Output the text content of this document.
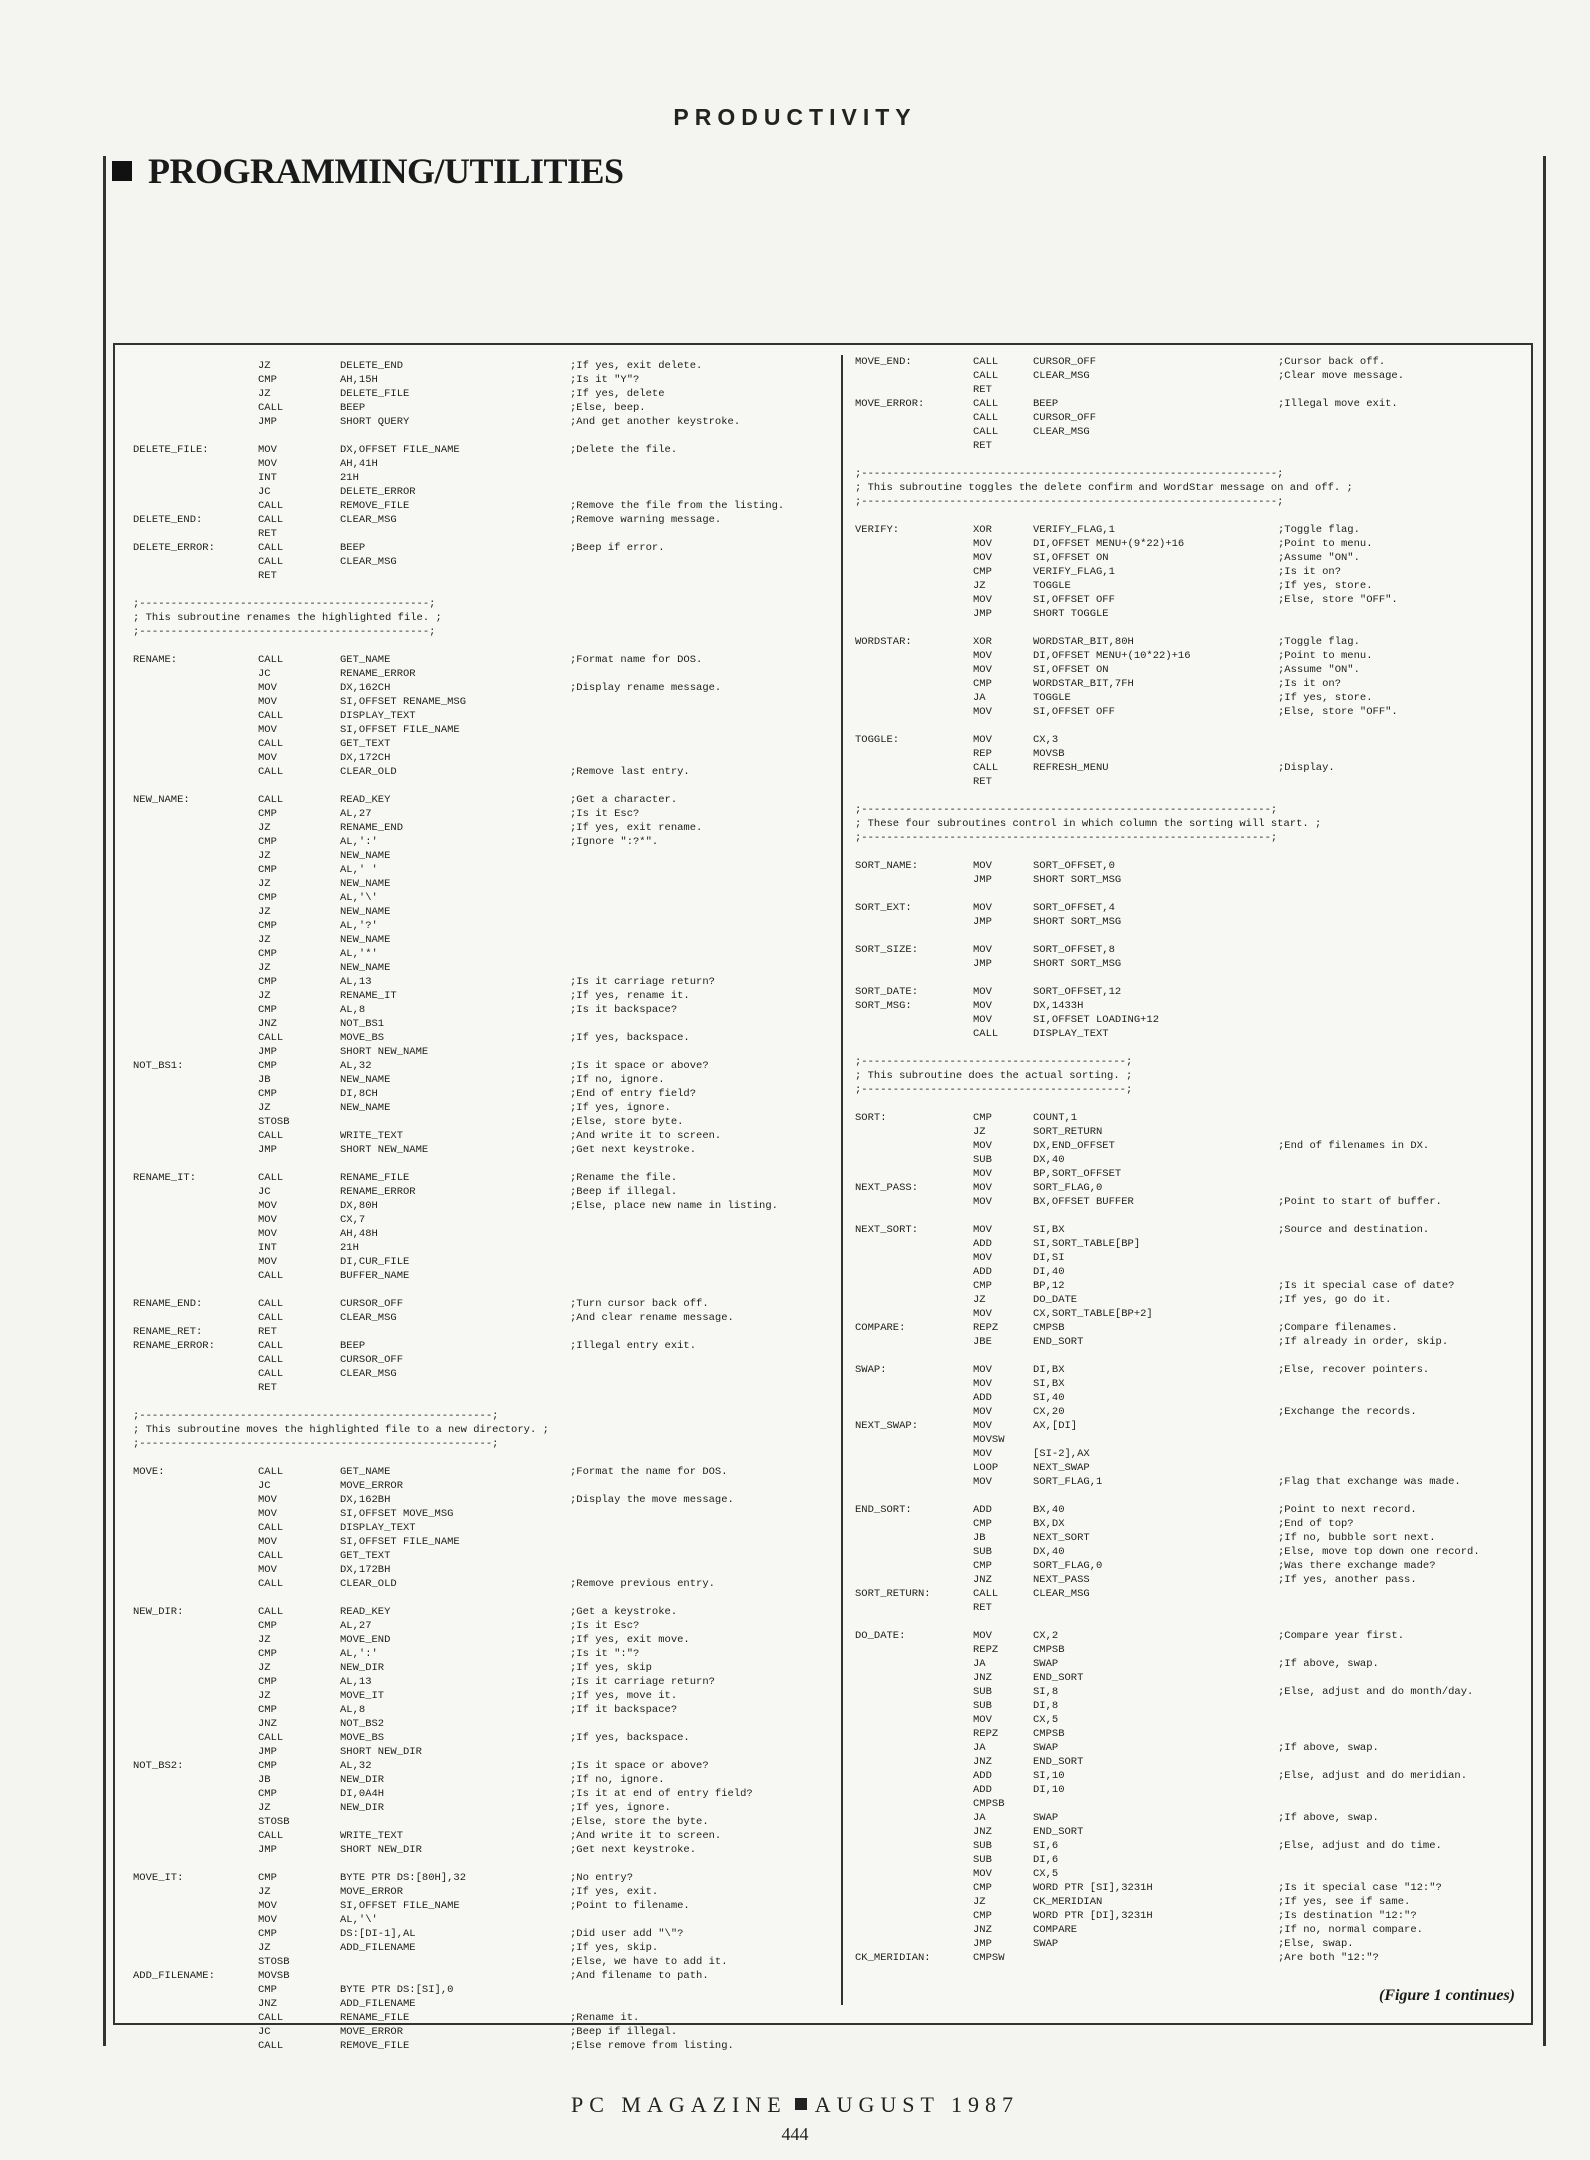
PRODUCTIVITY
PROGRAMMING/UTILITIES
JZ	DELETE_END	;If yes, exit delete.
CMP	AH,15H	;Is it "Y"?
JZ	DELETE_FILE	;If yes, delete
CALL	BEEP	;Else, beep.
JMP	SHORT QUERY	;And get another keystroke.
DELETE_FILE:	MOV	DX,OFFSET FILE_NAME	;Delete the file.
MOV	AH,41H
INT	21H
JC	DELETE_ERROR
CALL	REMOVE_FILE	;Remove the file from the listing.
DELETE_END:	CALL	CLEAR_MSG	;Remove warning message.
RET
DELETE_ERROR:	CALL	BEEP	;Beep if error.
CALL	CLEAR_MSG
RET
;----------------------------------------------;
; This subroutine renames the highlighted file. ;
;----------------------------------------------;
RENAME:	CALL	GET_NAME	;Format name for DOS.
JC	RENAME_ERROR
MOV	DX,162CH	;Display rename message.
MOV	SI,OFFSET RENAME_MSG
CALL	DISPLAY_TEXT
MOV	SI,OFFSET FILE_NAME
CALL	GET_TEXT
MOV	DX,172CH
CALL	CLEAR_OLD	;Remove last entry.
NEW_NAME:	CALL	READ_KEY	;Get a character.
CMP	AL,27	;Is it Esc?
JZ	RENAME_END	;If yes, exit rename.
CMP	AL,':'	;Ignore ":?*".
JZ	NEW_NAME
CMP	AL,' '
JZ	NEW_NAME
CMP	AL,'\'
JZ	NEW_NAME
CMP	AL,'?'
JZ	NEW_NAME
CMP	AL,'*'
JZ	NEW_NAME
CMP	AL,13	;Is it carriage return?
JZ	RENAME_IT	;If yes, rename it.
CMP	AL,8	;Is it backspace?
JNZ	NOT_BS1
CALL	MOVE_BS	;If yes, backspace.
JMP	SHORT NEW_NAME
NOT_BS1:	CMP	AL,32	;Is it space or above?
JB	NEW_NAME	;If no, ignore.
CMP	DI,8CH	;End of entry field?
JZ	NEW_NAME	;If yes, ignore.
STOSB	;Else, store byte.
CALL	WRITE_TEXT	;And write it to screen.
JMP	SHORT NEW_NAME	;Get next keystroke.
RENAME_IT:	CALL	RENAME_FILE	;Rename the file.
JC	RENAME_ERROR	;Beep if illegal.
MOV	DX,80H	;Else, place new name in listing.
MOV	CX,7
MOV	AH,48H
INT	21H
MOV	DI,CUR_FILE
CALL	BUFFER_NAME
RENAME_END:	CALL	CURSOR_OFF	;Turn cursor back off.
CALL	CLEAR_MSG	;And clear rename message.
RENAME_RET:	RET
RENAME_ERROR:	CALL	BEEP	;Illegal entry exit.
CALL	CURSOR_OFF
CALL	CLEAR_MSG
RET
;--------------------------------------------------------;
; This subroutine moves the highlighted file to a new directory. ;
;--------------------------------------------------------;
MOVE:	CALL	GET_NAME	;Format the name for DOS.
JC	MOVE_ERROR
MOV	DX,162BH	;Display the move message.
MOV	SI,OFFSET MOVE_MSG
CALL	DISPLAY_TEXT
MOV	SI,OFFSET FILE_NAME
CALL	GET_TEXT
MOV	DX,172BH
CALL	CLEAR_OLD	;Remove previous entry.
NEW_DIR:	CALL	READ_KEY	;Get a keystroke.
CMP	AL,27	;Is it Esc?
JZ	MOVE_END	;If yes, exit move.
CMP	AL,':'	;Is it ":"?
JZ	NEW_DIR	;If yes, skip
CMP	AL,13	;Is it carriage return?
JZ	MOVE_IT	;If yes, move it.
CMP	AL,8	;If it backspace?
JNZ	NOT_BS2
CALL	MOVE_BS	;If yes, backspace.
JMP	SHORT NEW_DIR
NOT_BS2:	CMP	AL,32	;Is it space or above?
JB	NEW_DIR	;If no, ignore.
CMP	DI,0A4H	;Is it at end of entry field?
JZ	NEW_DIR	;If yes, ignore.
STOSB	;Else, store the byte.
CALL	WRITE_TEXT	;And write it to screen.
JMP	SHORT NEW_DIR	;Get next keystroke.
MOVE_IT:	CMP	BYTE PTR DS:[80H],32	;No entry?
JZ	MOVE_ERROR	;If yes, exit.
MOV	SI,OFFSET FILE_NAME	;Point to filename.
MOV	AL,'\'
CMP	DS:[DI-1],AL	;Did user add "\"?
JZ	ADD_FILENAME	;If yes, skip.
STOSB	;Else, we have to add it.
ADD_FILENAME:	MOVSB	;And filename to path.
CMP	BYTE PTR DS:[SI],0
JNZ	ADD_FILENAME
CALL	RENAME_FILE	;Rename it.
JC	MOVE_ERROR	;Beep if illegal.
CALL	REMOVE_FILE	;Else remove from listing.
MOVE_END:	CALL	CURSOR_OFF	;Cursor back off.
CALL	CLEAR_MSG	;Clear move message.
RET
MOVE_ERROR:	CALL	BEEP	;Illegal move exit.
CALL	CURSOR_OFF
CALL	CLEAR_MSG
RET
;------------------------------------------------------------------;
; This subroutine toggles the delete confirm and WordStar message on and off. ;
;------------------------------------------------------------------;
VERIFY:	XOR	VERIFY_FLAG,1	;Toggle flag.
MOV	DI,OFFSET MENU+(9*22)+16	;Point to menu.
MOV	SI,OFFSET ON	;Assume "ON".
CMP	VERIFY_FLAG,1	;Is it on?
JZ	TOGGLE	;If yes, store.
MOV	SI,OFFSET OFF	;Else, store "OFF".
JMP	SHORT TOGGLE
WORDSTAR:	XOR	WORDSTAR_BIT,80H	;Toggle flag.
MOV	DI,OFFSET MENU+(10*22)+16	;Point to menu.
MOV	SI,OFFSET ON	;Assume "ON".
CMP	WORDSTAR_BIT,7FH	;Is it on?
JA	TOGGLE	;If yes, store.
MOV	SI,OFFSET OFF	;Else, store "OFF".
TOGGLE:	MOV	CX,3
REP	MOVSB
CALL	REFRESH_MENU	;Display.
RET
;-----------------------------------------------------------------;
; These four subroutines control in which column the sorting will start. ;
;-----------------------------------------------------------------;
SORT_NAME:	MOV	SORT_OFFSET,0
JMP	SHORT SORT_MSG
SORT_EXT:	MOV	SORT_OFFSET,4
JMP	SHORT SORT_MSG
SORT_SIZE:	MOV	SORT_OFFSET,8
JMP	SHORT SORT_MSG
SORT_DATE:	MOV	SORT_OFFSET,12
SORT_MSG:	MOV	DX,1433H
MOV	SI,OFFSET LOADING+12
CALL	DISPLAY_TEXT
;------------------------------------------;
; This subroutine does the actual sorting. ;
;------------------------------------------;
SORT:	CMP	COUNT,1
JZ	SORT_RETURN
MOV	DX,END_OFFSET	;End of filenames in DX.
SUB	DX,40
MOV	BP,SORT_OFFSET
NEXT_PASS:	MOV	SORT_FLAG,0
MOV	BX,OFFSET BUFFER	;Point to start of buffer.
NEXT_SORT:	MOV	SI,BX	;Source and destination.
ADD	SI,SORT_TABLE[BP]
MOV	DI,SI
ADD	DI,40
CMP	BP,12	;Is it special case of date?
JZ	DO_DATE	;If yes, go do it.
MOV	CX,SORT_TABLE[BP+2]
COMPARE:	REPZ	CMPSB	;Compare filenames.
JBE	END_SORT	;If already in order, skip.
SWAP:	MOV	DI,BX	;Else, recover pointers.
MOV	SI,BX
ADD	SI,40
MOV	CX,20	;Exchange the records.
NEXT_SWAP:	MOV	AX,[DI]
MOVSW
MOV	[SI-2],AX
LOOP	NEXT_SWAP
MOV	SORT_FLAG,1	;Flag that exchange was made.
END_SORT:	ADD	BX,40	;Point to next record.
CMP	BX,DX	;End of top?
JB	NEXT_SORT	;If no, bubble sort next.
SUB	DX,40	;Else, move top down one record.
CMP	SORT_FLAG,0	;Was there exchange made?
JNZ	NEXT_PASS	;If yes, another pass.
SORT_RETURN:	CALL	CLEAR_MSG
RET
DO_DATE:	MOV	CX,2	;Compare year first.
REPZ	CMPSB
JA	SWAP	;If above, swap.
JNZ	END_SORT
SUB	SI,8	;Else, adjust and do month/day.
SUB	DI,8
MOV	CX,5
REPZ	CMPSB
JA	SWAP	;If above, swap.
JNZ	END_SORT
ADD	SI,10	;Else, adjust and do meridian.
ADD	DI,10
CMPSB
JA	SWAP	;If above, swap.
JNZ	END_SORT
SUB	SI,6	;Else, adjust and do time.
SUB	DI,6
MOV	CX,5
CMP	WORD PTR [SI],3231H	;Is it special case "12:"?
JZ	CK_MERIDIAN	;If yes, see if same.
CMP	WORD PTR [DI],3231H	;Is destination "12:"?
JNZ	COMPARE	;If no, normal compare.
JMP	SWAP	;Else, swap.
CK_MERIDIAN:	CMPSW	;Are both "12:"?
(Figure 1 continues)
PC MAGAZINE AUGUST 1987
444
